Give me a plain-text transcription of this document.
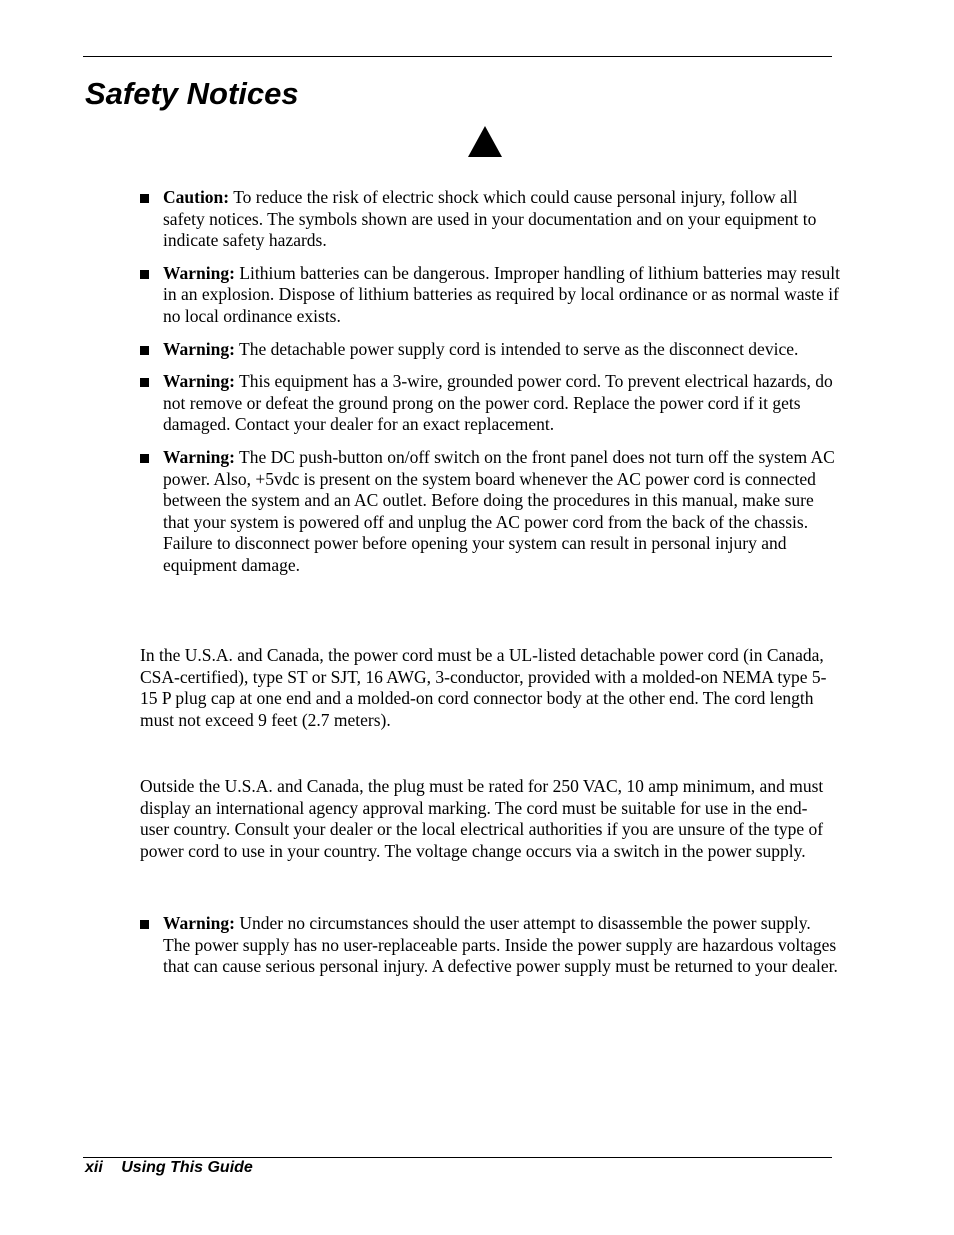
Safety Notices
Caution: To reduce the risk of electric shock which could cause personal injury, follow all safety notices. The symbols shown are used in your documentation and on your equipment to indicate safety hazards.
Warning: Lithium batteries can be dangerous. Improper handling of lithium batteries may result in an explosion. Dispose of lithium batteries as required by local ordinance or as normal waste if no local ordinance exists.
Warning: The detachable power supply cord is intended to serve as the disconnect device.
Warning: This equipment has a 3-wire, grounded power cord. To prevent electrical hazards, do not remove or defeat the ground prong on the power cord. Replace the power cord if it gets damaged. Contact your dealer for an exact replacement.
Warning: The DC push-button on/off switch on the front panel does not turn off the system AC power. Also, +5vdc is present on the system board whenever the AC power cord is connected between the system and an AC outlet. Before doing the procedures in this manual, make sure that your system is powered off and unplug the AC power cord from the back of the chassis. Failure to disconnect power before opening your system can result in personal injury and equipment damage.

In the U.S.A. and Canada, the power cord must be a UL-listed detachable power cord (in Canada, CSA-certified), type ST or SJT, 16 AWG, 3-conductor, provided with a molded-on NEMA type 5-15 P plug cap at one end and a molded-on cord connector body at the other end. The cord length must not exceed 9 feet (2.7 meters).

Outside the U.S.A. and Canada, the plug must be rated for 250 VAC, 10 amp minimum, and must display an international agency approval marking. The cord must be suitable for use in the end-user country. Consult your dealer or the local electrical authorities if you are unsure of the type of power cord to use in your country. The voltage change occurs via a switch in the power supply.

Warning: Under no circumstances should the user attempt to disassemble the power supply. The power supply has no user-replaceable parts. Inside the power supply are hazardous voltages that can cause serious personal injury. A defective power supply must be returned to your dealer.
xii Using This Guide
